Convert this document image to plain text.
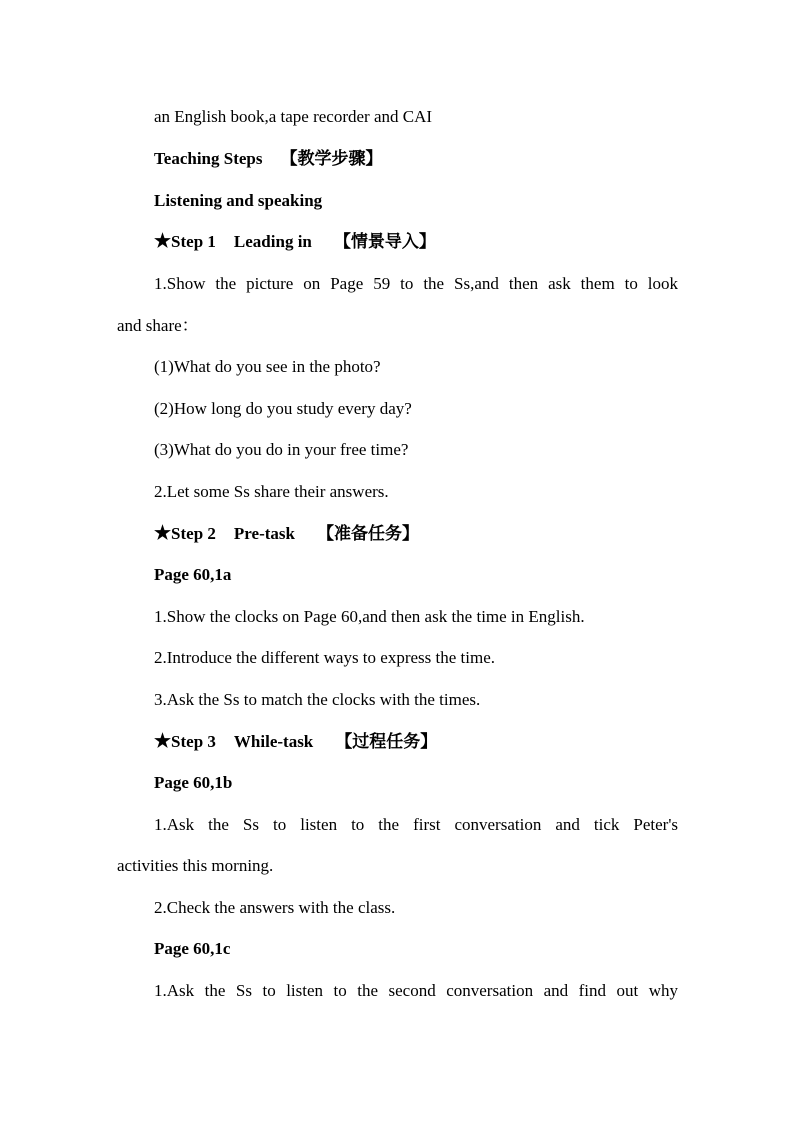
an English book,a tape recorder and CAI
Teaching Steps 【教学步骤】
Listening and speaking
★Step 1 Leading in 【情景导入】
1.Show the picture on Page 59 to the Ss,and then ask them to look
and share：
(1)What do you see in the photo?
(2)How long do you study every day?
(3)What do you do in your free time?
2.Let some Ss share their answers.
★Step 2 Pre-task 【准备任务】
Page 60,1a
1.Show the clocks on Page 60,and then ask the time in English.
2.Introduce the different ways to express the time.
3.Ask the Ss to match the clocks with the times.
★Step 3 While-task 【过程任务】
Page 60,1b
1.Ask the Ss to listen to the first conversation and tick Peter's
activities this morning.
2.Check the answers with the class.
Page 60,1c
1.Ask the Ss to listen to the second conversation and find out why
